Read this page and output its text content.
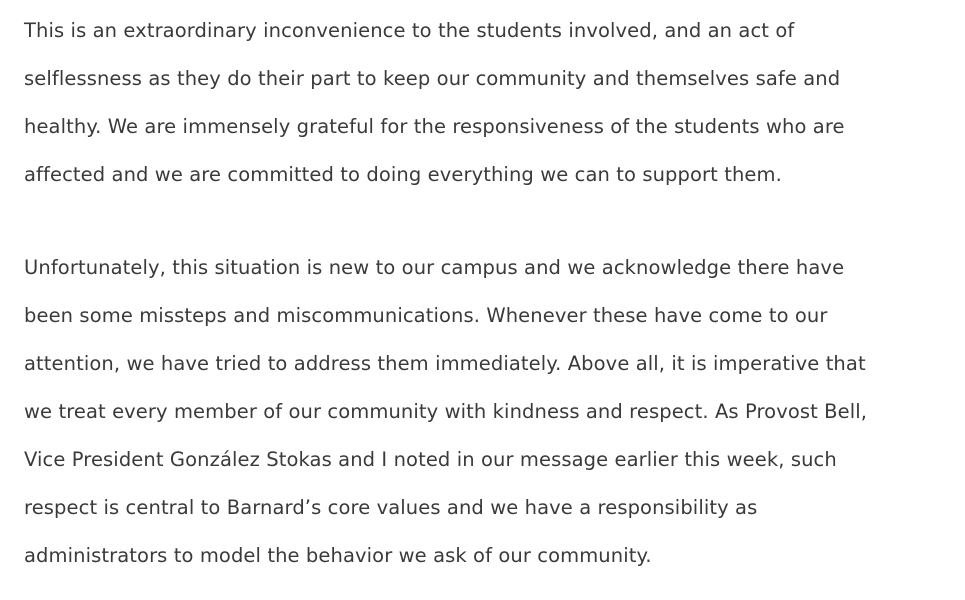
This is an extraordinary inconvenience to the students involved, and an act of
selflessness as they do their part to keep our community and themselves safe and
healthy. We are immensely grateful for the responsiveness of the students who are
affected and we are committed to doing everything we can to support them.

Unfortunately, this situation is new to our campus and we acknowledge there have
been some missteps and miscommunications. Whenever these have come to our
attention, we have tried to address them immediately. Above all, it is imperative that
we treat every member of our community with kindness and respect. As Provost Bell,
Vice President González Stokas and I noted in our message earlier this week, such
respect is central to Barnard’s core values and we have a responsibility as
administrators to model the behavior we ask of our community.
